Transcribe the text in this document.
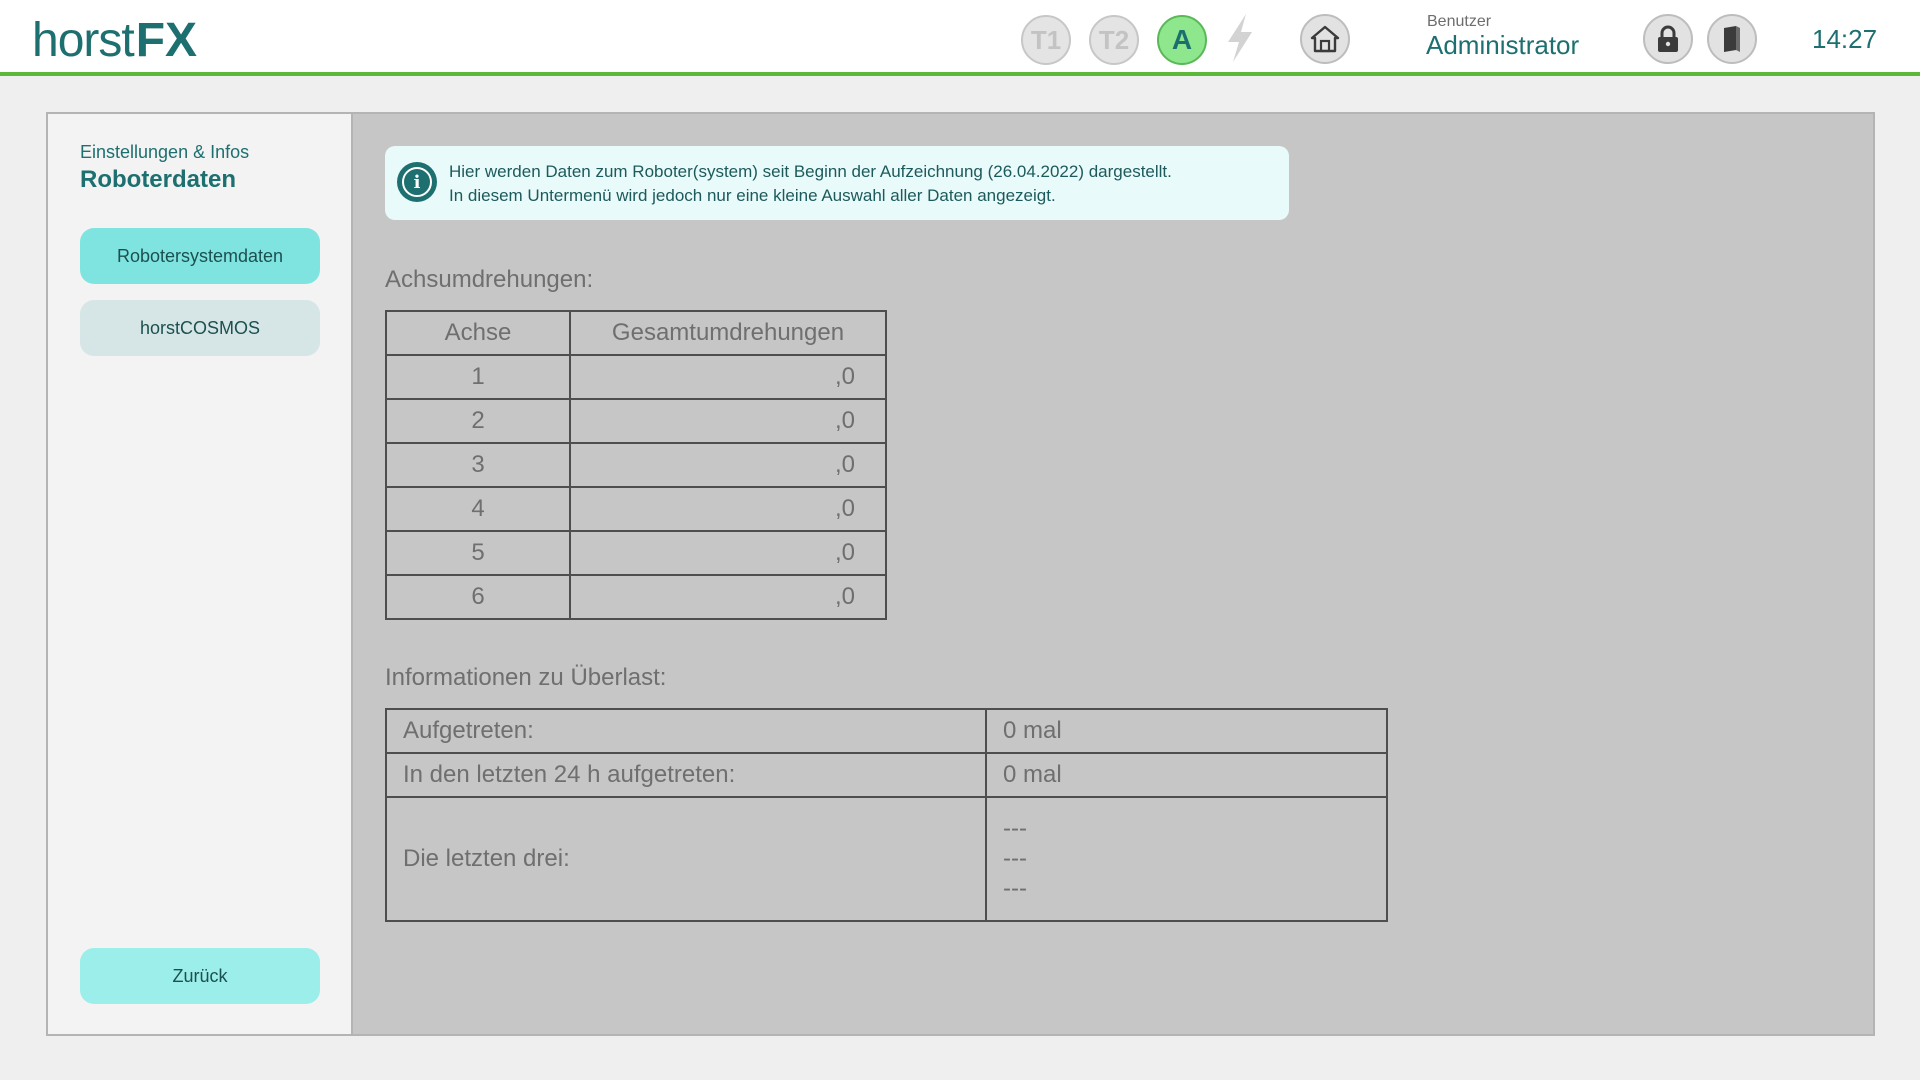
horstFX	T1 T2 A
Benutzer
Administrator	14:27
Einstellungen & Infos
Roboterdaten
Robotersystemdaten
horstCOSMOS
Zurück
i	Hier werden Daten zum Roboter(system) seit Beginn der Aufzeichnung (26.04.2022) dargestellt.
In diesem Untermenü wird jedoch nur eine kleine Auswahl aller Daten angezeigt.
Achsumdrehungen:
Achse	Gesamtumdrehungen
1	,0
2	,0
3	,0
4	,0
5	,0
6	,0
Informationen zu Überlast:
Aufgetreten:	0 mal
In den letzten 24 h aufgetreten:	0 mal
Die letzten drei:	---
---
---
